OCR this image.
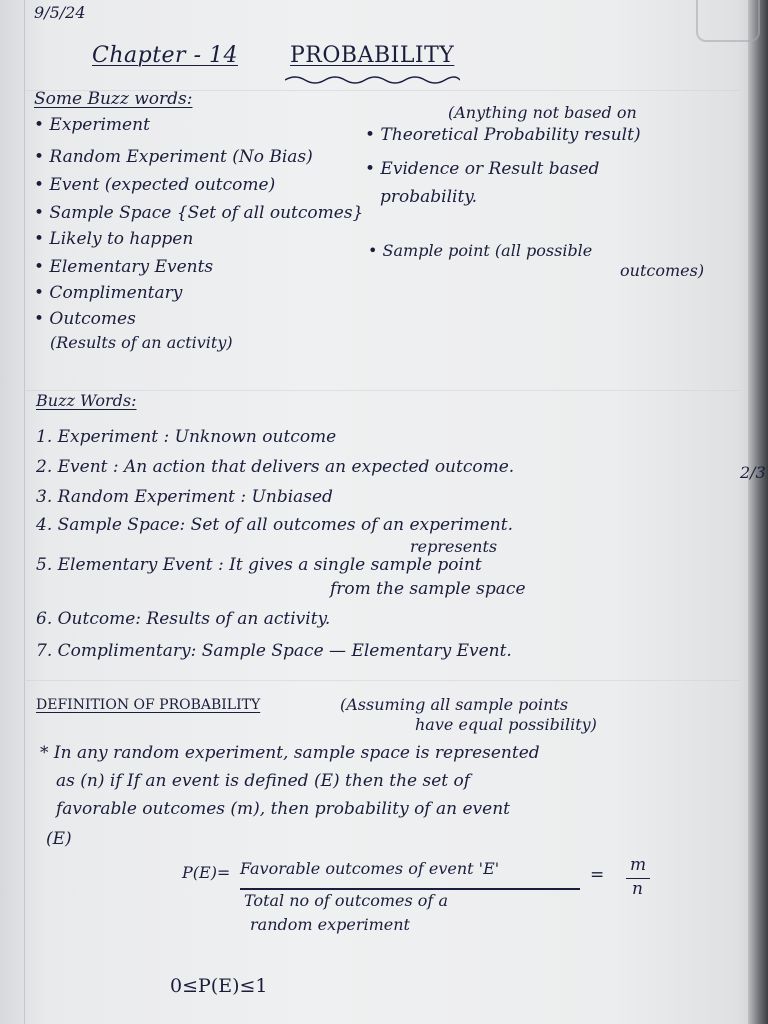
9/5/24
Chapter - 14 PROBABILITY
Some Buzz words:
• Experiment
• Random Experiment (No Bias)
• Event (expected outcome)
• Sample Space {Set of all outcomes}
• Likely to happen
• Elementary Events
• Complimentary
• Outcomes
(Results of an activity)
(Anything not based on
• Theoretical Probability result)
• Evidence or Result based
probability.
• Sample point (all possible
outcomes)
Buzz Words:
1. Experiment : Unknown outcome
2. Event : An action that delivers an expected outcome.
3. Random Experiment : Unbiased
4. Sample Space: Set of all outcomes of an experiment.
represents
5. Elementary Event : It gives a single sample point
from the sample space
6. Outcome: Results of an activity.
7. Complimentary: Sample Space — Elementary Event.
2/3
DEFINITION OF PROBABILITY	(Assuming all sample points
have equal possibility)
* In any random experiment, sample space is represented
as (n) if If an event is defined (E) then the set of
favorable outcomes (m), then probability of an event
(E)
P(E)= Favorable outcomes of event 'E'	= m
n
Total no of outcomes of a
random experiment
0≤P(E)≤1
